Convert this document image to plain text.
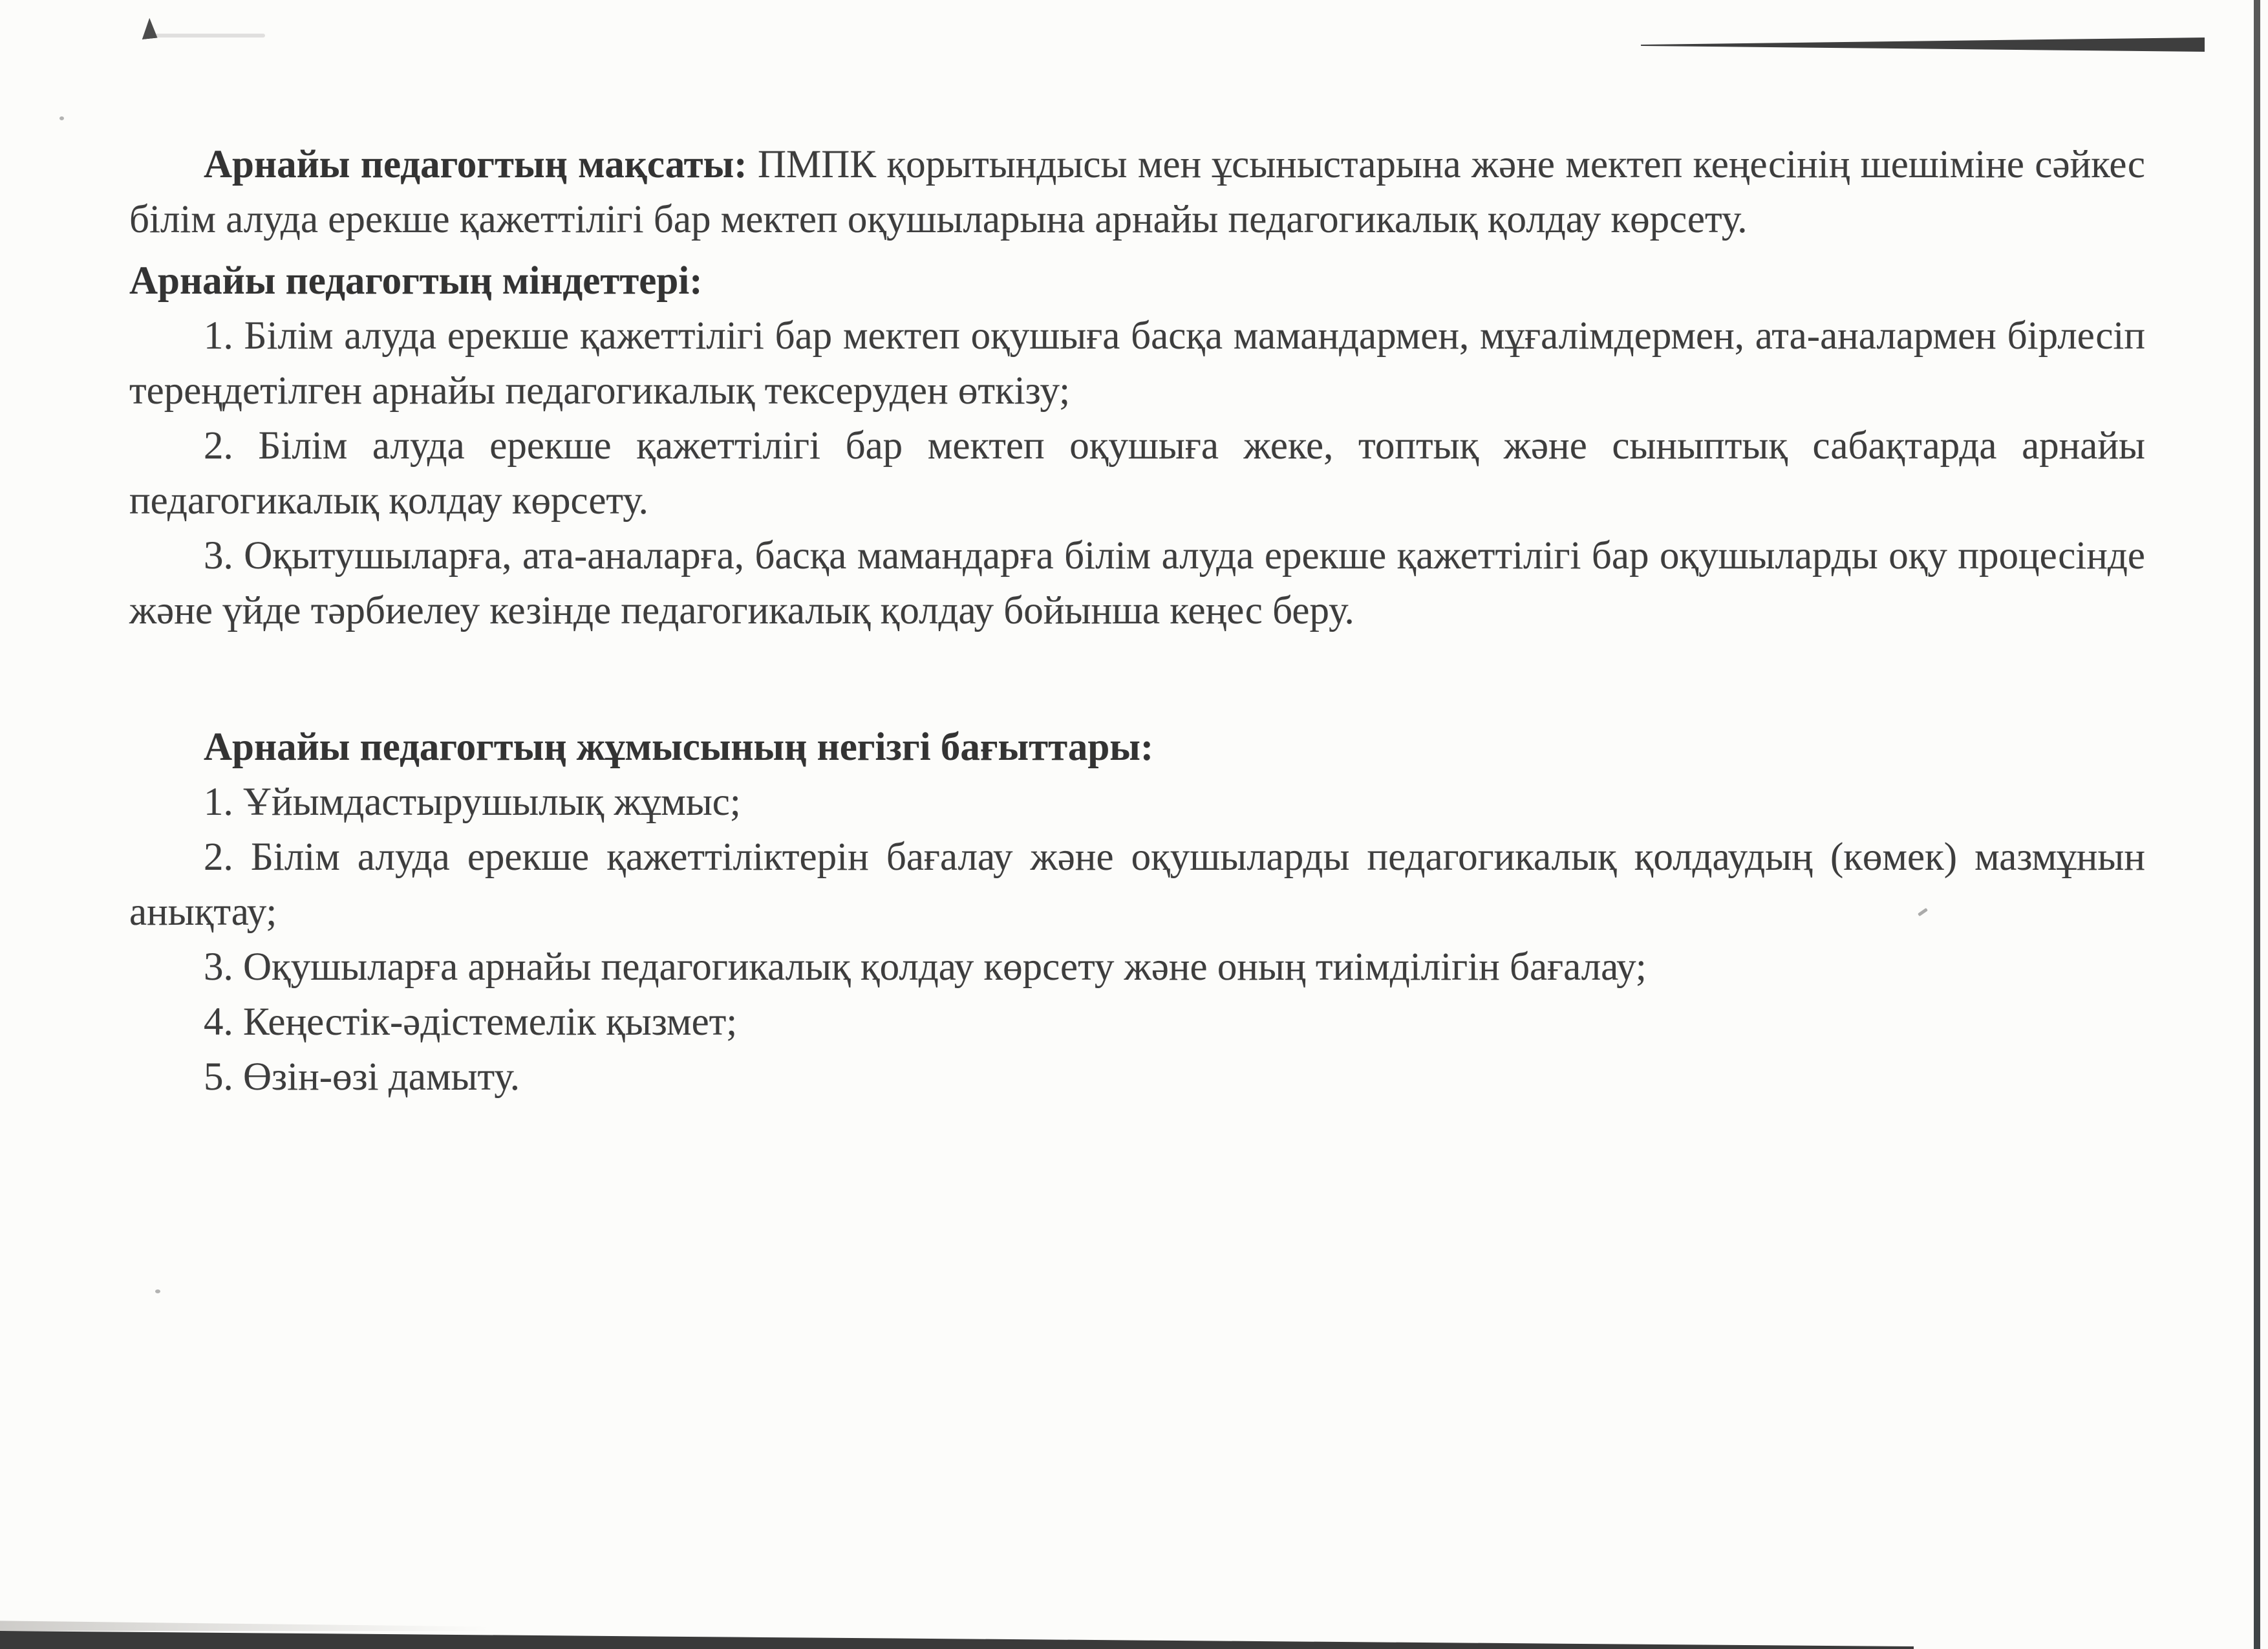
Арнайы педагогтың мақсаты: ПМПК қорытындысы мен ұсыныстарына және мектеп кеңесінің шешіміне сәйкес білім алуда ерекше қажеттілігі бар мектеп оқушыларына арнайы педагогикалық қолдау көрсету.

Арнайы педагогтың міндеттері:

1. Білім алуда ерекше қажеттілігі бар мектеп оқушыға басқа мамандармен, мұғалімдермен, ата-аналармен бірлесіп тереңдетілген арнайы педагогикалық тексеруден өткізу;

2. Білім алуда ерекше қажеттілігі бар мектеп оқушыға жеке, топтық және сыныптық сабақтарда арнайы педагогикалық қолдау көрсету.

3. Оқытушыларға, ата-аналарға, басқа мамандарға білім алуда ерекше қажеттілігі бар оқушыларды оқу процесінде және үйде тәрбиелеу кезінде педагогикалық қолдау бойынша кеңес беру.

Арнайы педагогтың жұмысының негізгі бағыттары:

1. Ұйымдастырушылық жұмыс;

2. Білім алуда ерекше қажеттіліктерін бағалау және оқушыларды педагогикалық қолдаудың (көмек) мазмұнын анықтау;

3. Оқушыларға арнайы педагогикалық қолдау көрсету және оның тиімділігін бағалау;

4. Кеңестік-әдістемелік қызмет;

5. Өзін-өзі дамыту.
